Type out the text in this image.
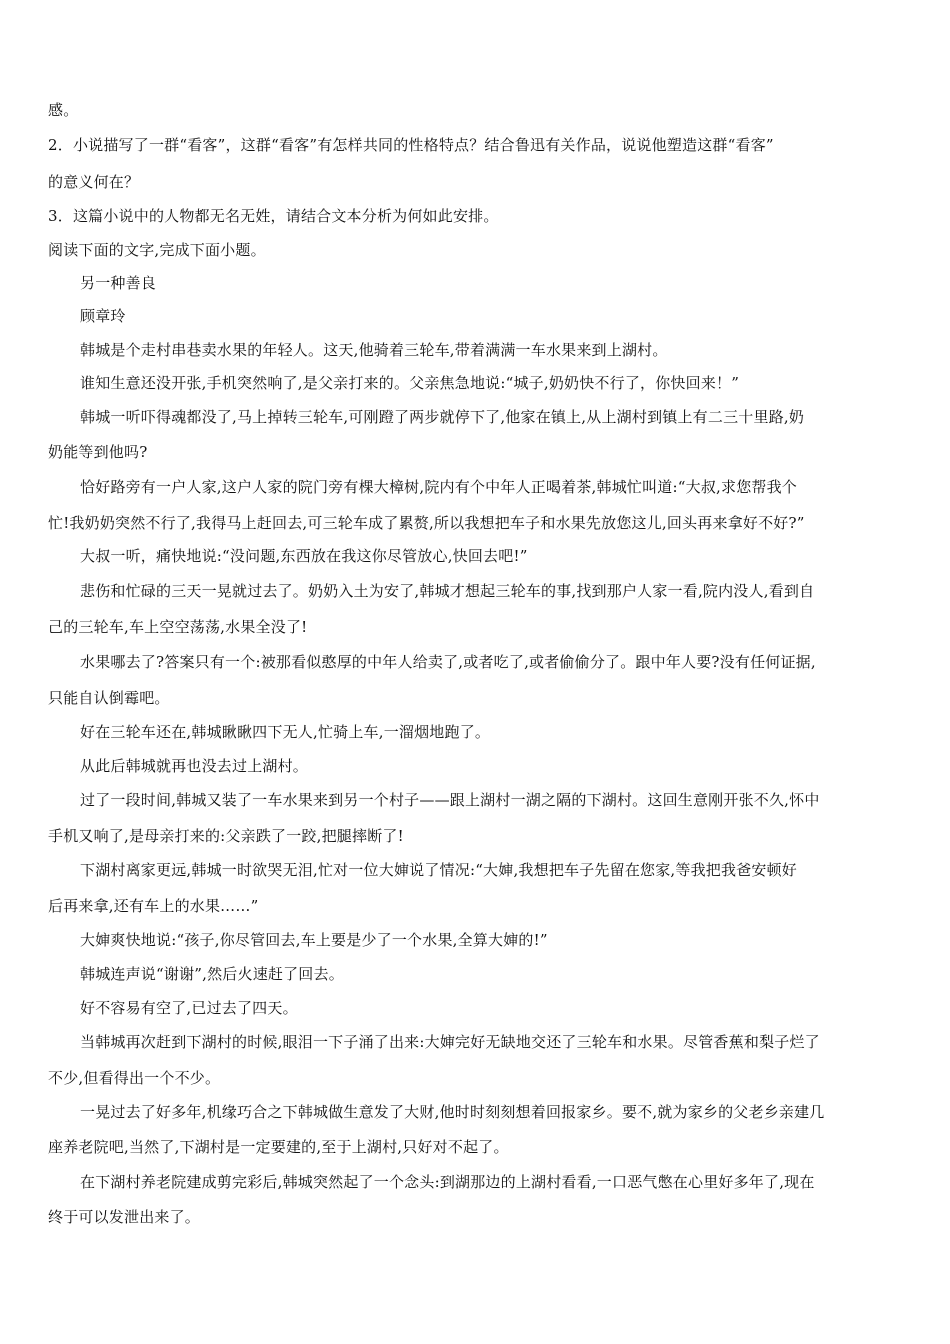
感。
2．小说描写了一群“看客”，这群“看客”有怎样共同的性格特点？结合鲁迅有关作品，说说他塑造这群“看客”
的意义何在？
3．这篇小说中的人物都无名无姓，请结合文本分析为何如此安排。
阅读下面的文字,完成下面小题。
另一种善良
顾章玲
韩城是个走村串巷卖水果的年轻人。这天,他骑着三轮车,带着满满一车水果来到上湖村。
谁知生意还没开张,手机突然响了,是父亲打来的。父亲焦急地说:“城子,奶奶快不行了，你快回来！”
韩城一听吓得魂都没了,马上掉转三轮车,可刚蹬了两步就停下了,他家在镇上,从上湖村到镇上有二三十里路,奶
奶能等到他吗?
恰好路旁有一户人家,这户人家的院门旁有棵大樟树,院内有个中年人正喝着茶,韩城忙叫道:“大叔,求您帮我个
忙!我奶奶突然不行了,我得马上赶回去,可三轮车成了累赘,所以我想把车子和水果先放您这儿,回头再来拿好不好?”
大叔一听，痛快地说:“没问题,东西放在我这你尽管放心,快回去吧!”
悲伤和忙碌的三天一晃就过去了。奶奶入土为安了,韩城才想起三轮车的事,找到那户人家一看,院内没人,看到自
己的三轮车,车上空空荡荡,水果全没了!
水果哪去了?答案只有一个:被那看似憨厚的中年人给卖了,或者吃了,或者偷偷分了。跟中年人要?没有任何证据,
只能自认倒霉吧。
好在三轮车还在,韩城瞅瞅四下无人,忙骑上车,一溜烟地跑了。
从此后韩城就再也没去过上湖村。
过了一段时间,韩城又装了一车水果来到另一个村子——跟上湖村一湖之隔的下湖村。这回生意刚开张不久,怀中
手机又响了,是母亲打来的:父亲跌了一跤,把腿摔断了!
下湖村离家更远,韩城一时欲哭无泪,忙对一位大婶说了情况:“大婶,我想把车子先留在您家,等我把我爸安顿好
后再来拿,还有车上的水果……”
大婶爽快地说:“孩子,你尽管回去,车上要是少了一个水果,全算大婶的!”
韩城连声说“谢谢”,然后火速赶了回去。
好不容易有空了,已过去了四天。
当韩城再次赶到下湖村的时候,眼泪一下子涌了出来:大婶完好无缺地交还了三轮车和水果。尽管香蕉和梨子烂了
不少,但看得出一个不少。
一晃过去了好多年,机缘巧合之下韩城做生意发了大财,他时时刻刻想着回报家乡。要不,就为家乡的父老乡亲建几
座养老院吧,当然了,下湖村是一定要建的,至于上湖村,只好对不起了。
在下湖村养老院建成剪完彩后,韩城突然起了一个念头:到湖那边的上湖村看看,一口恶气憋在心里好多年了,现在
终于可以发泄出来了。
